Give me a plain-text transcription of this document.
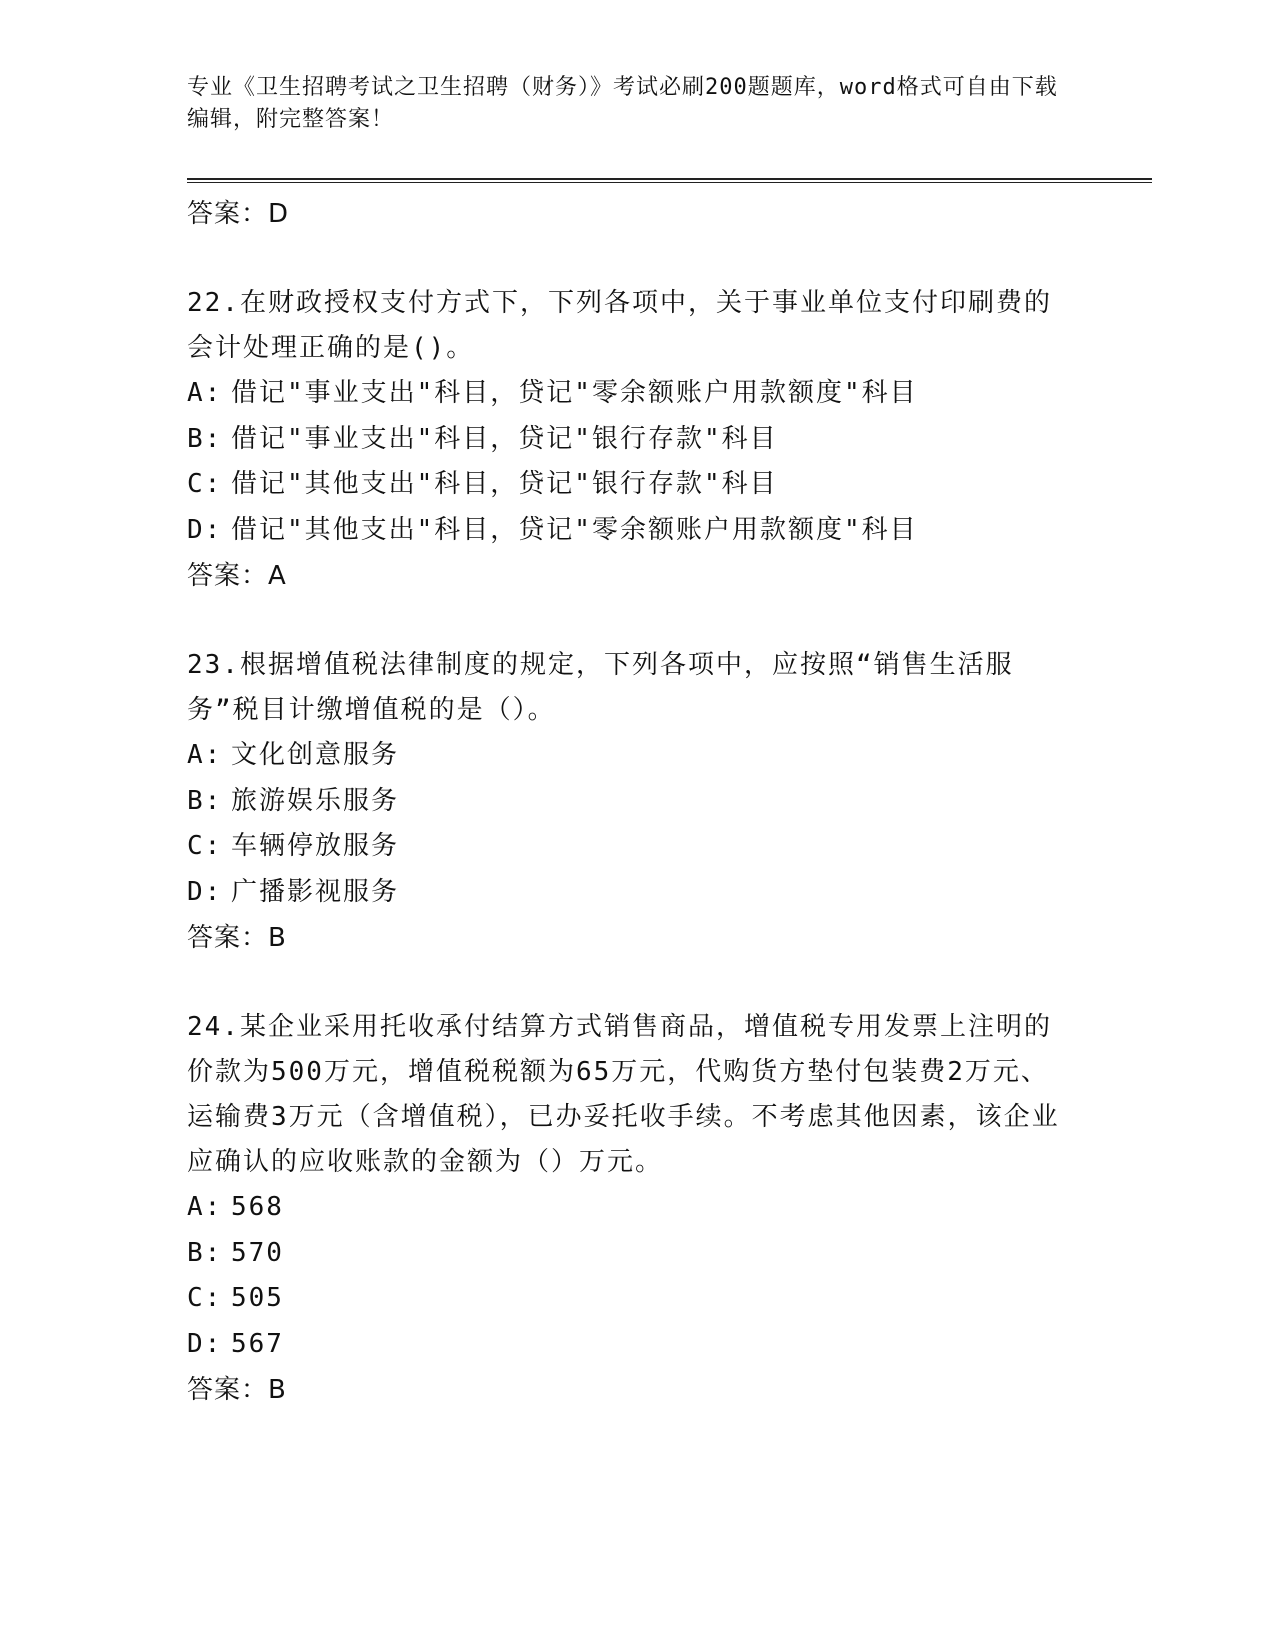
专业《卫生招聘考试之卫生招聘（财务）》考试必刷200题题库，word格式可自由下载编辑，附完整答案！

答案：D

22.在财政授权支付方式下，下列各项中，关于事业单位支付印刷费的会计处理正确的是()。

A: 借记"事业支出"科目，贷记"零余额账户用款额度"科目
B: 借记"事业支出"科目，贷记"银行存款"科目
C: 借记"其他支出"科目，贷记"银行存款"科目
D: 借记"其他支出"科目，贷记"零余额账户用款额度"科目

答案：A

23.根据增值税法律制度的规定，下列各项中，应按照“销售生活服务”税目计缴增值税的是（）。

A: 文化创意服务
B: 旅游娱乐服务
C: 车辆停放服务
D: 广播影视服务

答案：B

24.某企业采用托收承付结算方式销售商品，增值税专用发票上注明的价款为500万元，增值税税额为65万元，代购货方垫付包装费2万元、运输费3万元（含增值税），已办妥托收手续。不考虑其他因素，该企业应确认的应收账款的金额为（）万元。

A: 568
B: 570
C: 505
D: 567

答案：B
